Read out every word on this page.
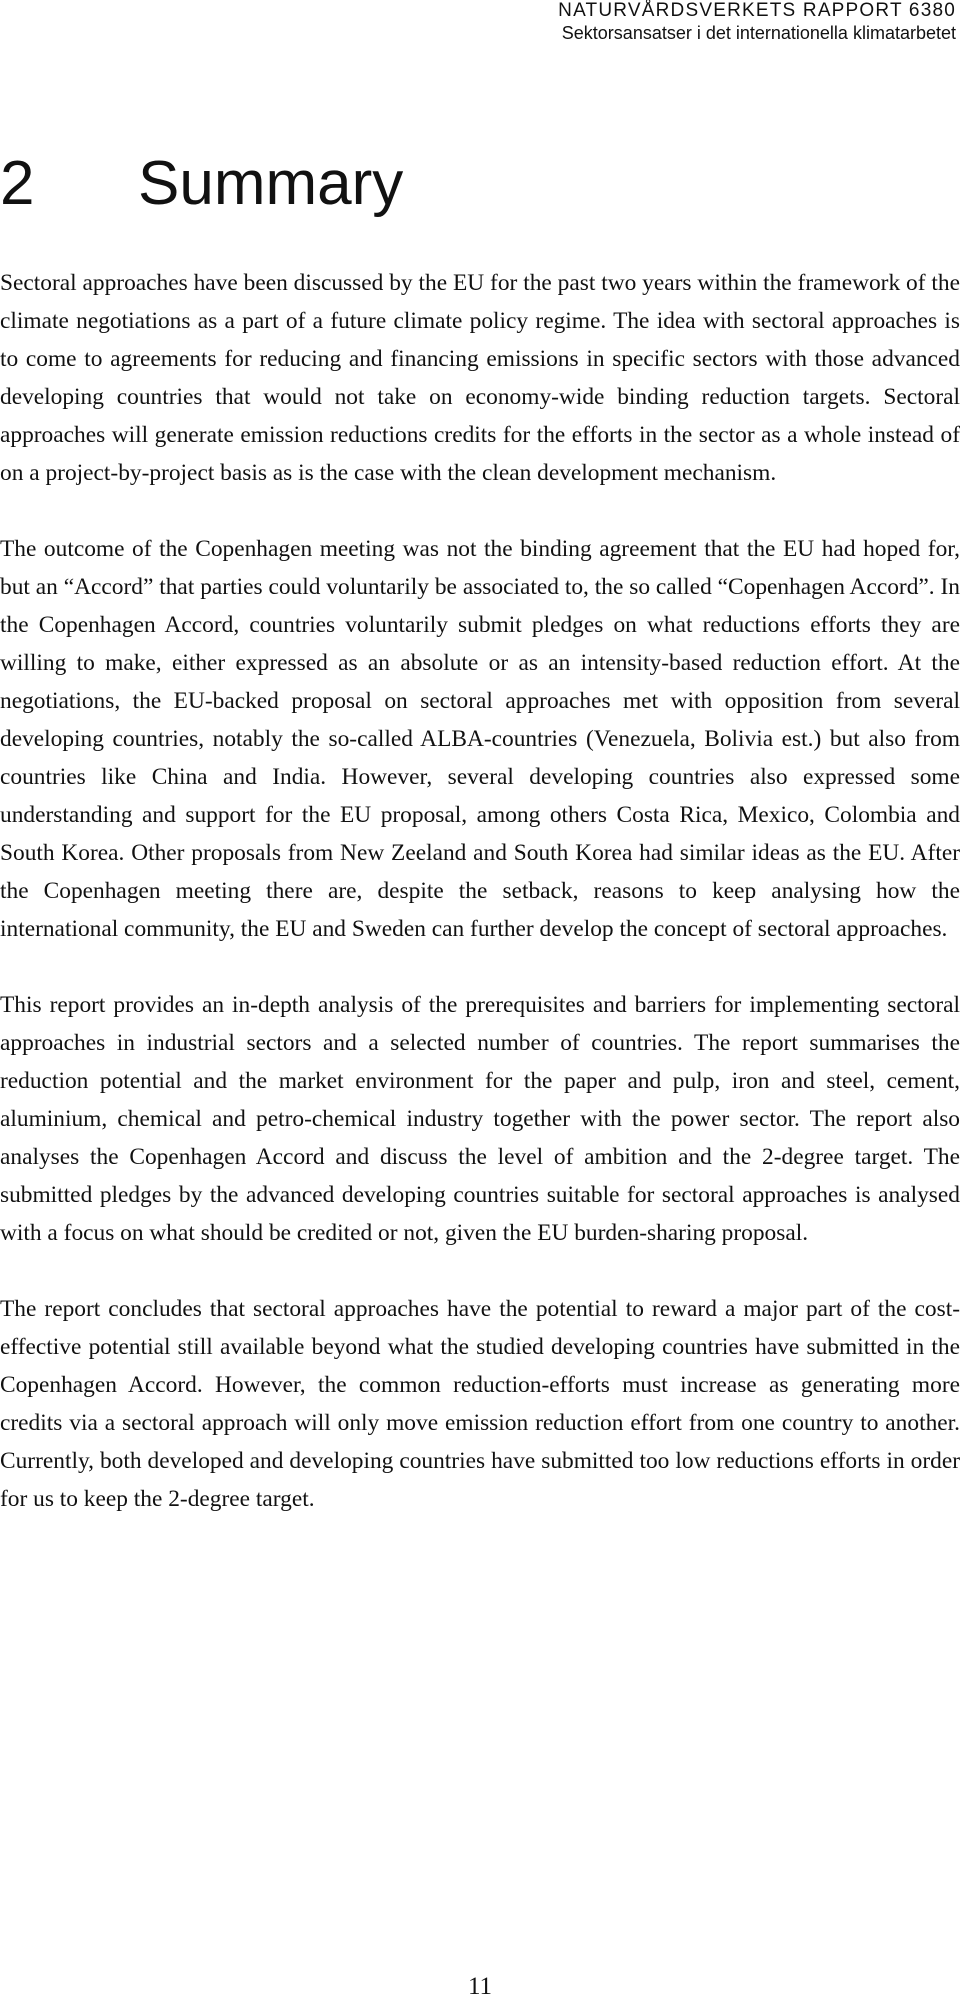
NATURVÅRDSVERKETS RAPPORT 6380
Sektorsansatser i det internationella klimatarbetet
2 Summary

Sectoral approaches have been discussed by the EU for the past two years within the framework of the climate negotiations as a part of a future climate policy regime. The idea with sectoral approaches is to come to agreements for reducing and financing emissions in specific sectors with those advanced developing countries that would not take on economy-wide binding reduction targets. Sectoral approaches will generate emission reductions credits for the efforts in the sector as a whole instead of on a project-by-project basis as is the case with the clean development mechanism.

The outcome of the Copenhagen meeting was not the binding agreement that the EU had hoped for, but an “Accord” that parties could voluntarily be associated to, the so called “Copenhagen Accord”. In the Copenhagen Accord, countries voluntarily submit pledges on what reductions efforts they are willing to make, either expressed as an absolute or as an intensity-based reduction effort. At the negotiations, the EU-backed proposal on sectoral approaches met with opposition from several developing countries, notably the so-called ALBA-countries (Venezuela, Bolivia est.) but also from countries like China and India. However, several developing countries also expressed some understanding and support for the EU proposal, among others Costa Rica, Mexico, Colombia and South Korea. Other proposals from New Zeeland and South Korea had similar ideas as the EU. After the Copenhagen meeting there are, despite the setback, reasons to keep analysing how the international community, the EU and Sweden can further develop the concept of sectoral approaches.

This report provides an in-depth analysis of the prerequisites and barriers for implementing sectoral approaches in industrial sectors and a selected number of countries. The report summarises the reduction potential and the market environment for the paper and pulp, iron and steel, cement, aluminium, chemical and petro-chemical industry together with the power sector. The report also analyses the Copenhagen Accord and discuss the level of ambition and the 2-degree target. The submitted pledges by the advanced developing countries suitable for sectoral approaches is analysed with a focus on what should be credited or not, given the EU burden-sharing proposal.

The report concludes that sectoral approaches have the potential to reward a major part of the cost-effective potential still available beyond what the studied developing countries have submitted in the Copenhagen Accord. However, the common reduction-efforts must increase as generating more credits via a sectoral approach will only move emission reduction effort from one country to another. Currently, both developed and developing countries have submitted too low reductions efforts in order for us to keep the 2-degree target.

11
